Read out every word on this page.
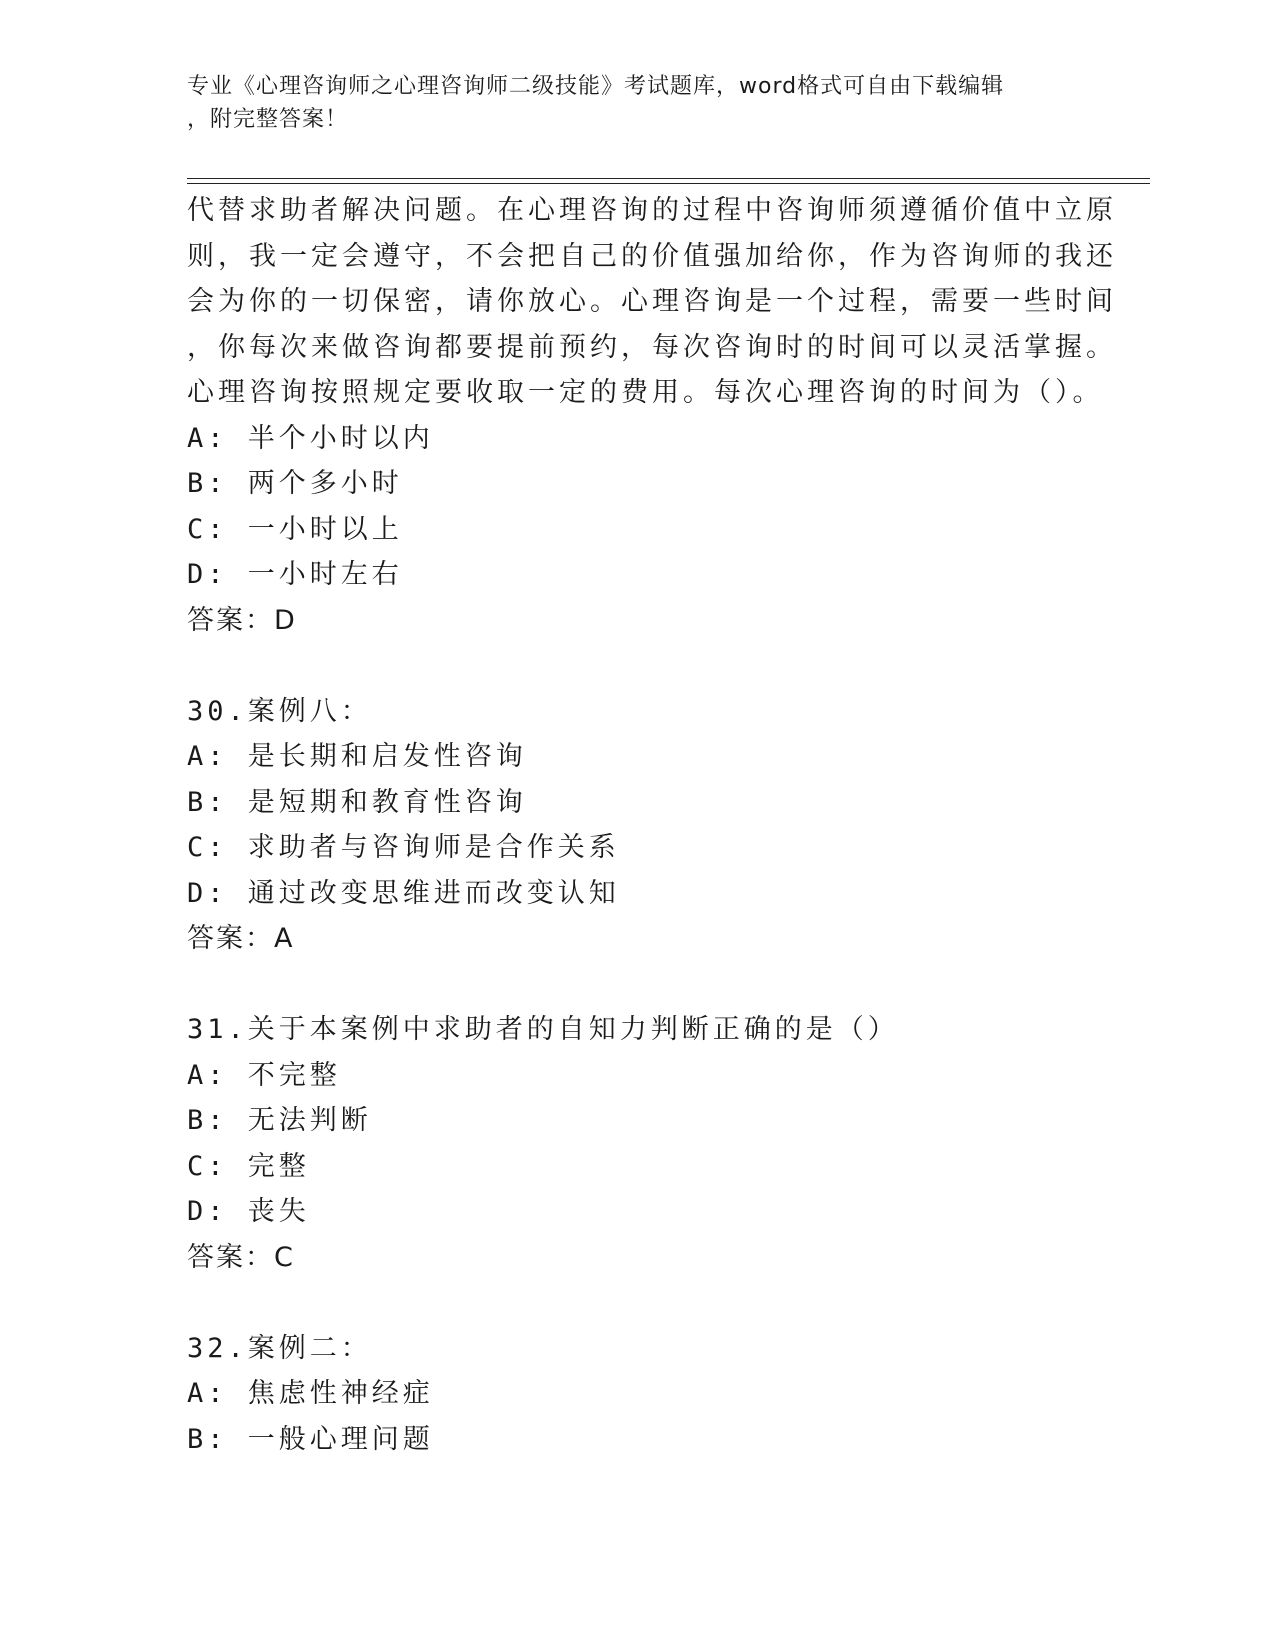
专业《心理咨询师之心理咨询师二级技能》考试题库，word格式可自由下载编辑
，附完整答案！
代替求助者解决问题。在心理咨询的过程中咨询师须遵循价值中立原
则，我一定会遵守，不会把自己的价值强加给你，作为咨询师的我还
会为你的一切保密，请你放心。心理咨询是一个过程，需要一些时间
，你每次来做咨询都要提前预约，每次咨询时的时间可以灵活掌握。
心理咨询按照规定要收取一定的费用。每次心理咨询的时间为（）。
A: 半个小时以内
B: 两个多小时
C: 一小时以上
D: 一小时左右
答案：D
30.案例八：
A: 是长期和启发性咨询
B: 是短期和教育性咨询
C: 求助者与咨询师是合作关系
D: 通过改变思维进而改变认知
答案：A
31.关于本案例中求助者的自知力判断正确的是（）
A: 不完整
B: 无法判断
C: 完整
D: 丧失
答案：C
32.案例二：
A: 焦虑性神经症
B: 一般心理问题
